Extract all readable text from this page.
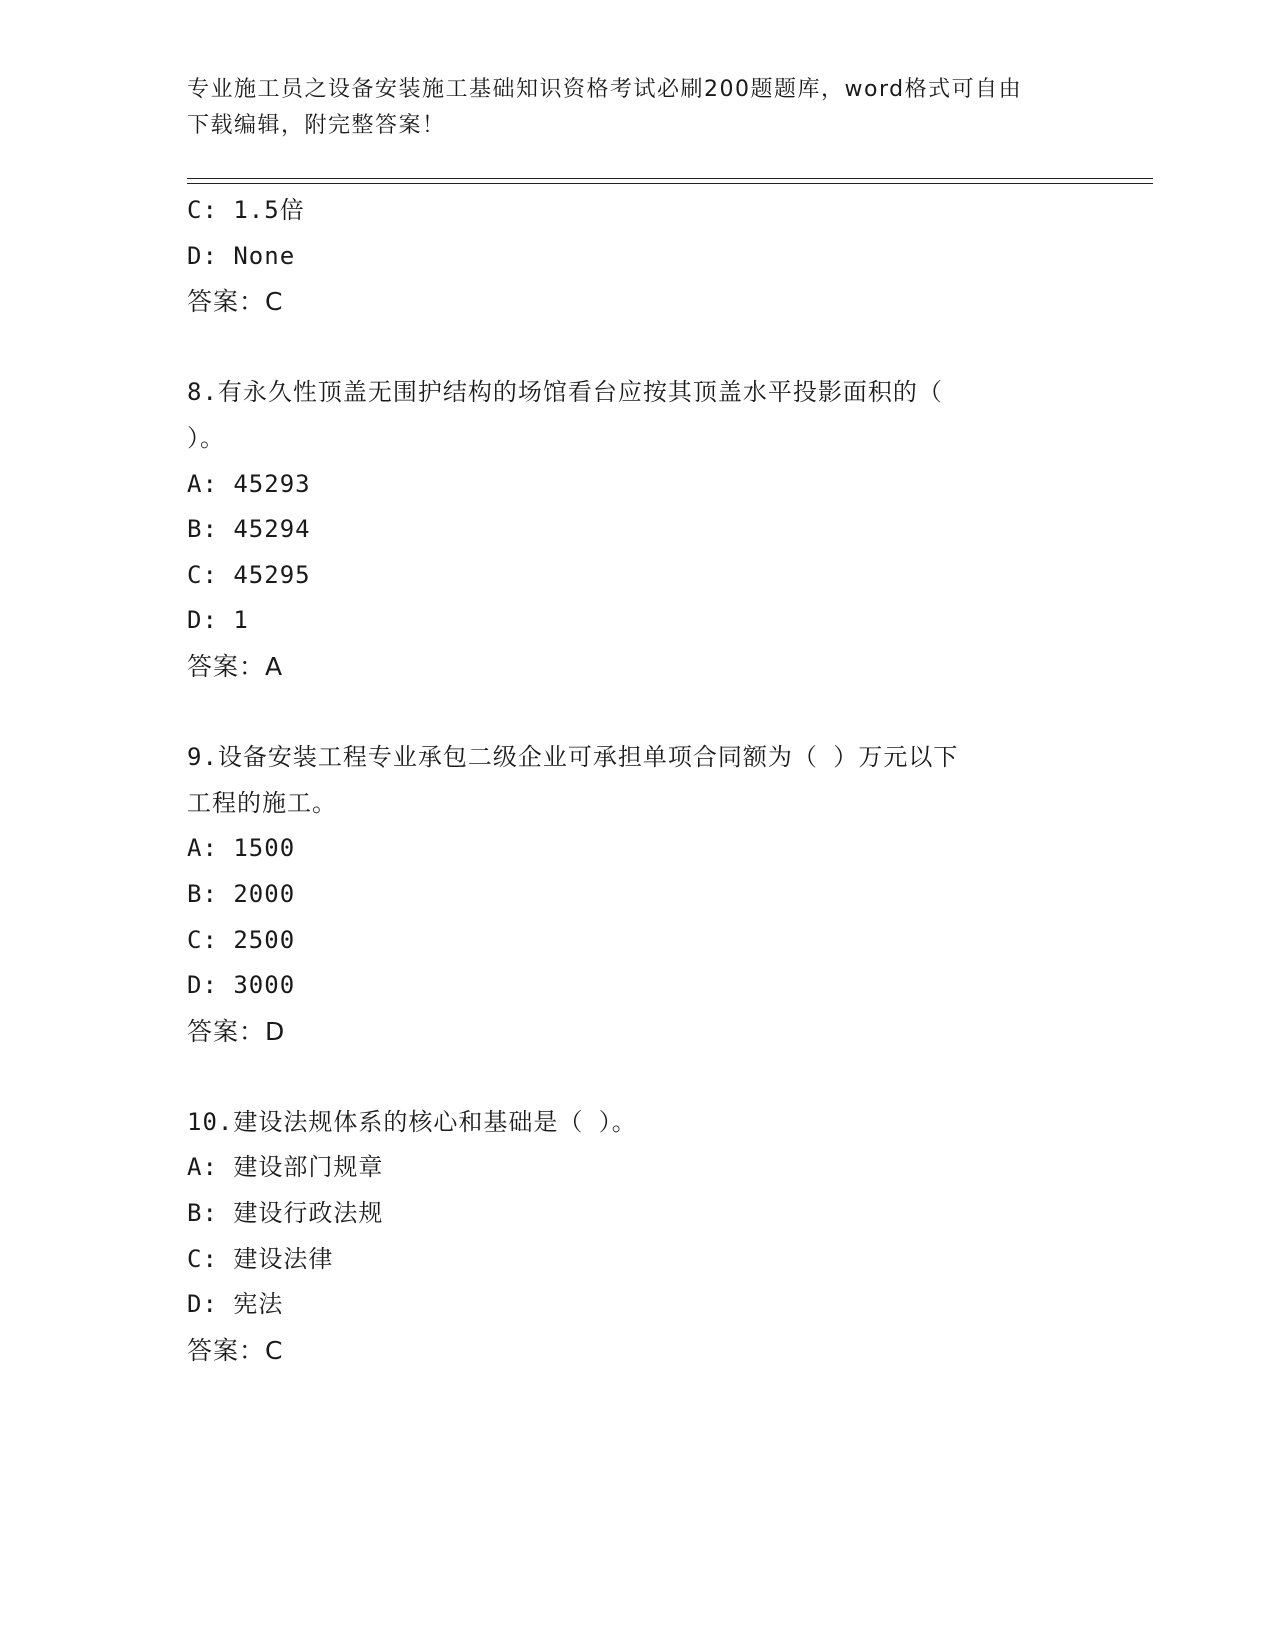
专业施工员之设备安装施工基础知识资格考试必刷200题题库，word格式可自由
下载编辑，附完整答案！
C: 1.5倍
D: None
答案：C
8.有永久性顶盖无围护结构的场馆看台应按其顶盖水平投影面积的（
）。
A: 45293
B: 45294
C: 45295
D: 1
答案：A
9.设备安装工程专业承包二级企业可承担单项合同额为（ ）万元以下
工程的施工。
A: 1500
B: 2000
C: 2500
D: 3000
答案：D
10.建设法规体系的核心和基础是（ ）。
A: 建设部门规章
B: 建设行政法规
C: 建设法律
D: 宪法
答案：C
